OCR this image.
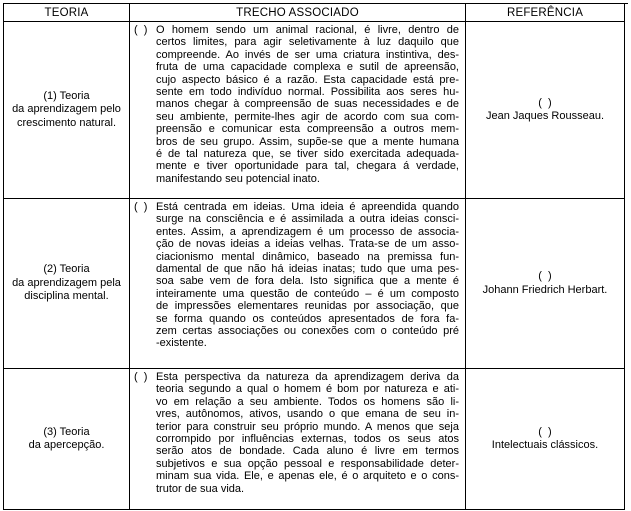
TEORIA	TRECHO ASSOCIADO	REFERÊNCIA
(1) Teoria
da aprendizagem pelo
crescimento natural.
(  ) O homem sendo um animal racional, é livre, dentro de
certos limites, para agir seletivamente à luz daquilo que
compreende. Ao invés de ser uma criatura instintiva, des-
fruta de uma capacidade complexa e sutil de apreensão,
cujo aspecto básico é a razão. Esta capacidade está pre-
sente em todo indivíduo normal. Possibilita aos seres hu-
manos chegar à compreensão de suas necessidades e de
seu ambiente, permite-lhes agir de acordo com sua com-
preensão e comunicar esta compreensão a outros mem-
bros de seu grupo. Assim, supõe-se que a mente humana
é de tal natureza que, se tiver sido exercitada adequada-
mente e tiver oportunidade para tal, chegara á verdade,
manifestando seu potencial inato.
(  )
Jean Jaques Rousseau.
(2) Teoria
da aprendizagem pela
disciplina mental.
(  ) Está centrada em ideias. Uma ideia é apreendida quando
surge na consciência e é assimilada a outra ideias consci-
entes. Assim, a aprendizagem é um processo de associa-
ção de novas ideias a ideias velhas. Trata-se de um asso-
ciacionismo mental dinâmico, baseado na premissa fun-
damental de que não há ideias inatas; tudo que uma pes-
soa sabe vem de fora dela. Isto significa que a mente é
inteiramente uma questão de conteúdo – é um composto
de impressões elementares reunidas por associação, que
se forma quando os conteúdos apresentados de fora fa-
zem certas associações ou conexões com o conteúdo pré
-existente.
(  )
Johann Friedrich Herbart.
(3) Teoria
da apercepção.
(  ) Esta perspectiva da natureza da aprendizagem deriva da
teoria segundo a qual o homem é bom por natureza e ati-
vo em relação a seu ambiente. Todos os homens são li-
vres, autônomos, ativos, usando o que emana de seu in-
terior para construir seu próprio mundo. A menos que seja
corrompido por influências externas, todos os seus atos
serão atos de bondade. Cada aluno é livre em termos
subjetivos e sua opção pessoal e responsabilidade deter-
minam sua vida. Ele, e apenas ele, é o arquiteto e o cons-
trutor de sua vida.
(  )
Intelectuais clássicos.
